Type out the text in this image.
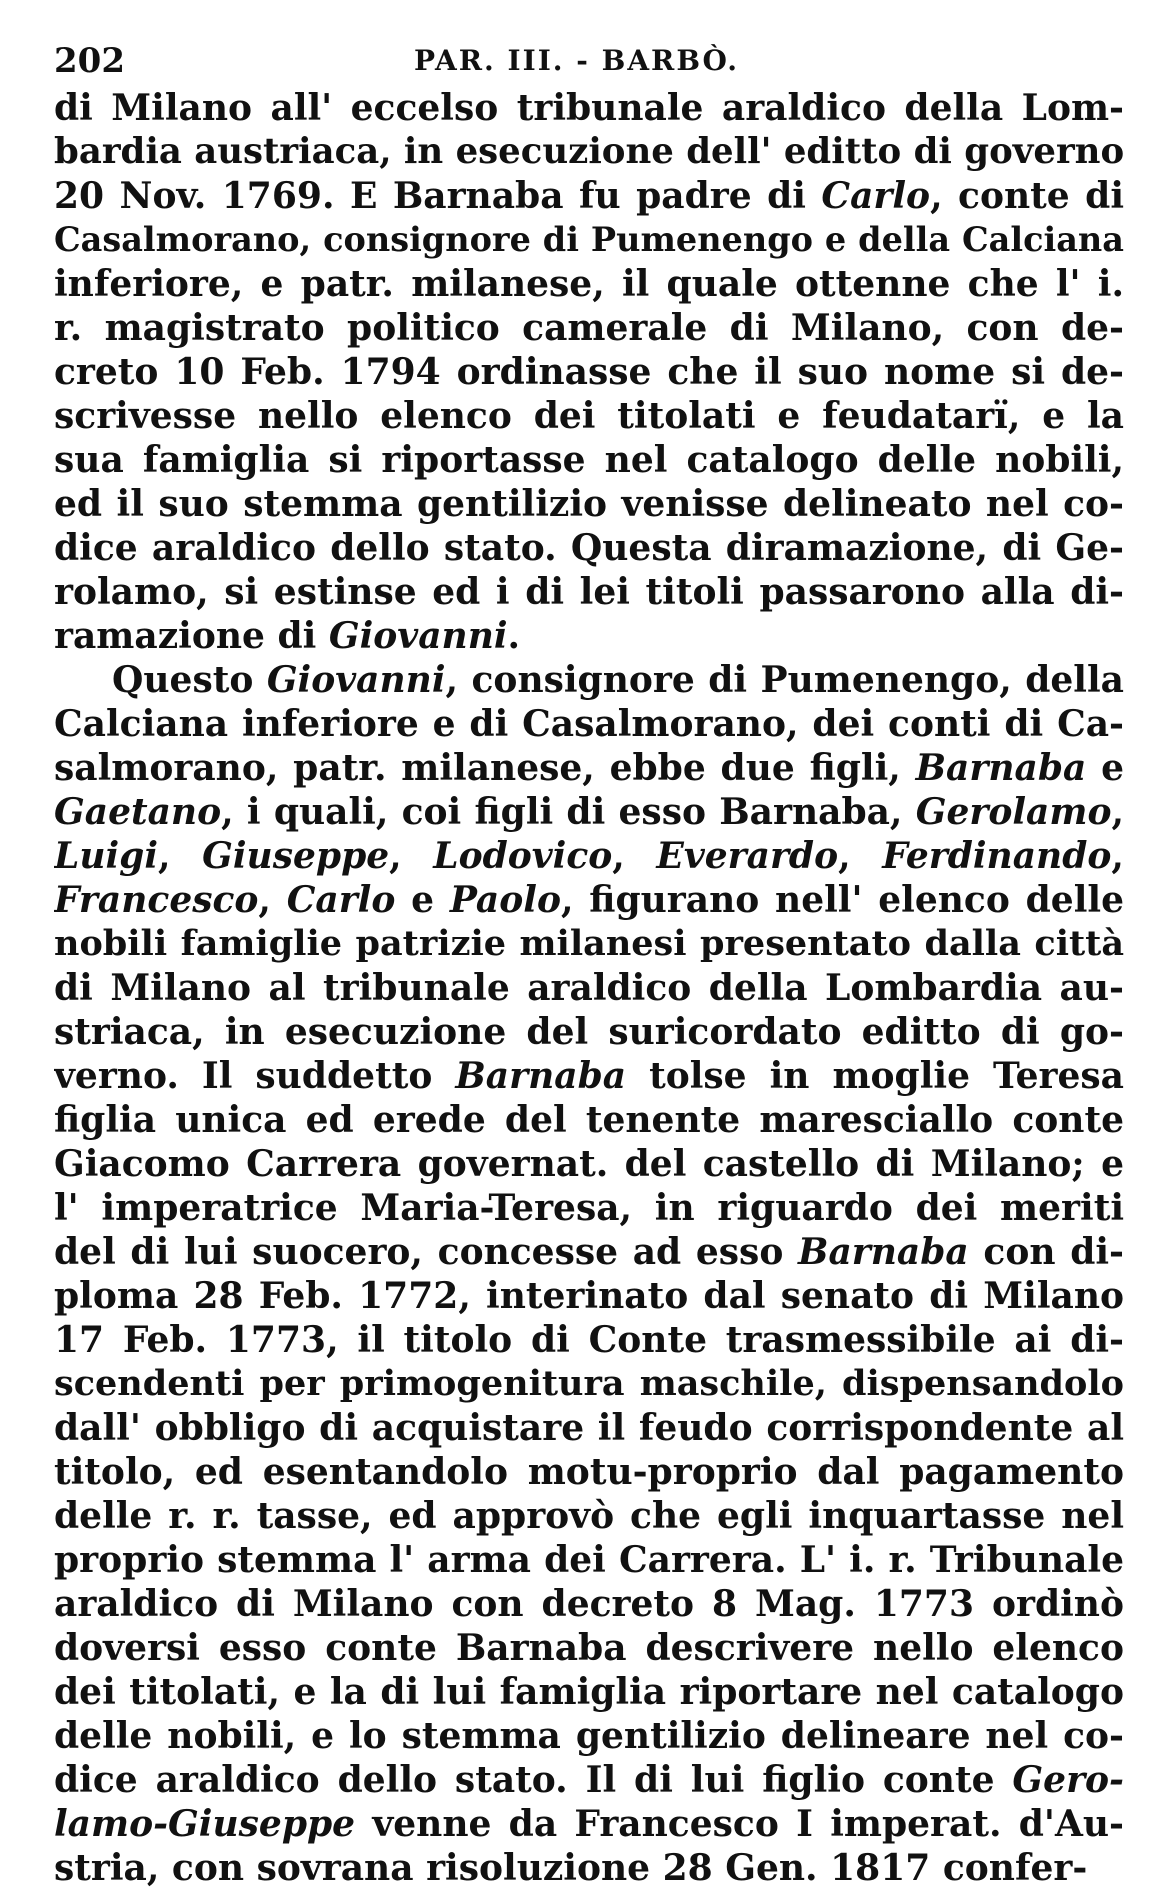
202	PAR. III. - BARBÒ.
di Milano all' eccelso tribunale araldico della Lom-
bardia austriaca, in esecuzione dell' editto di governo
20 Nov. 1769. E Barnaba fu padre di Carlo, conte di
Casalmorano, consignore di Pumenengo e della Calciana
inferiore, e patr. milanese, il quale ottenne che l' i.
r. magistrato politico camerale di Milano, con de-
creto 10 Feb. 1794 ordinasse che il suo nome si de-
scrivesse nello elenco dei titolati e feudatarï, e la
sua famiglia si riportasse nel catalogo delle nobili,
ed il suo stemma gentilizio venisse delineato nel co-
dice araldico dello stato. Questa diramazione, di Ge-
rolamo, si estinse ed i di lei titoli passarono alla di-
ramazione di Giovanni.
Questo Giovanni, consignore di Pumenengo, della
Calciana inferiore e di Casalmorano, dei conti di Ca-
salmorano, patr. milanese, ebbe due figli, Barnaba e
Gaetano, i quali, coi figli di esso Barnaba, Gerolamo,
Luigi, Giuseppe, Lodovico, Everardo, Ferdinando,
Francesco, Carlo e Paolo, figurano nell' elenco delle
nobili famiglie patrizie milanesi presentato dalla città
di Milano al tribunale araldico della Lombardia au-
striaca, in esecuzione del suricordato editto di go-
verno. Il suddetto Barnaba tolse in moglie Teresa
figlia unica ed erede del tenente maresciallo conte
Giacomo Carrera governat. del castello di Milano; e
l' imperatrice Maria-Teresa, in riguardo dei meriti
del di lui suocero, concesse ad esso Barnaba con di-
ploma 28 Feb. 1772, interinato dal senato di Milano
17 Feb. 1773, il titolo di Conte trasmessibile ai di-
scendenti per primogenitura maschile, dispensandolo
dall' obbligo di acquistare il feudo corrispondente al
titolo, ed esentandolo motu-proprio dal pagamento
delle r. r. tasse, ed approvò che egli inquartasse nel
proprio stemma l' arma dei Carrera. L' i. r. Tribunale
araldico di Milano con decreto 8 Mag. 1773 ordinò
doversi esso conte Barnaba descrivere nello elenco
dei titolati, e la di lui famiglia riportare nel catalogo
delle nobili, e lo stemma gentilizio delineare nel co-
dice araldico dello stato. Il di lui figlio conte Gero-
lamo-Giuseppe venne da Francesco I imperat. d'Au-
stria, con sovrana risoluzione 28 Gen. 1817 confer-
